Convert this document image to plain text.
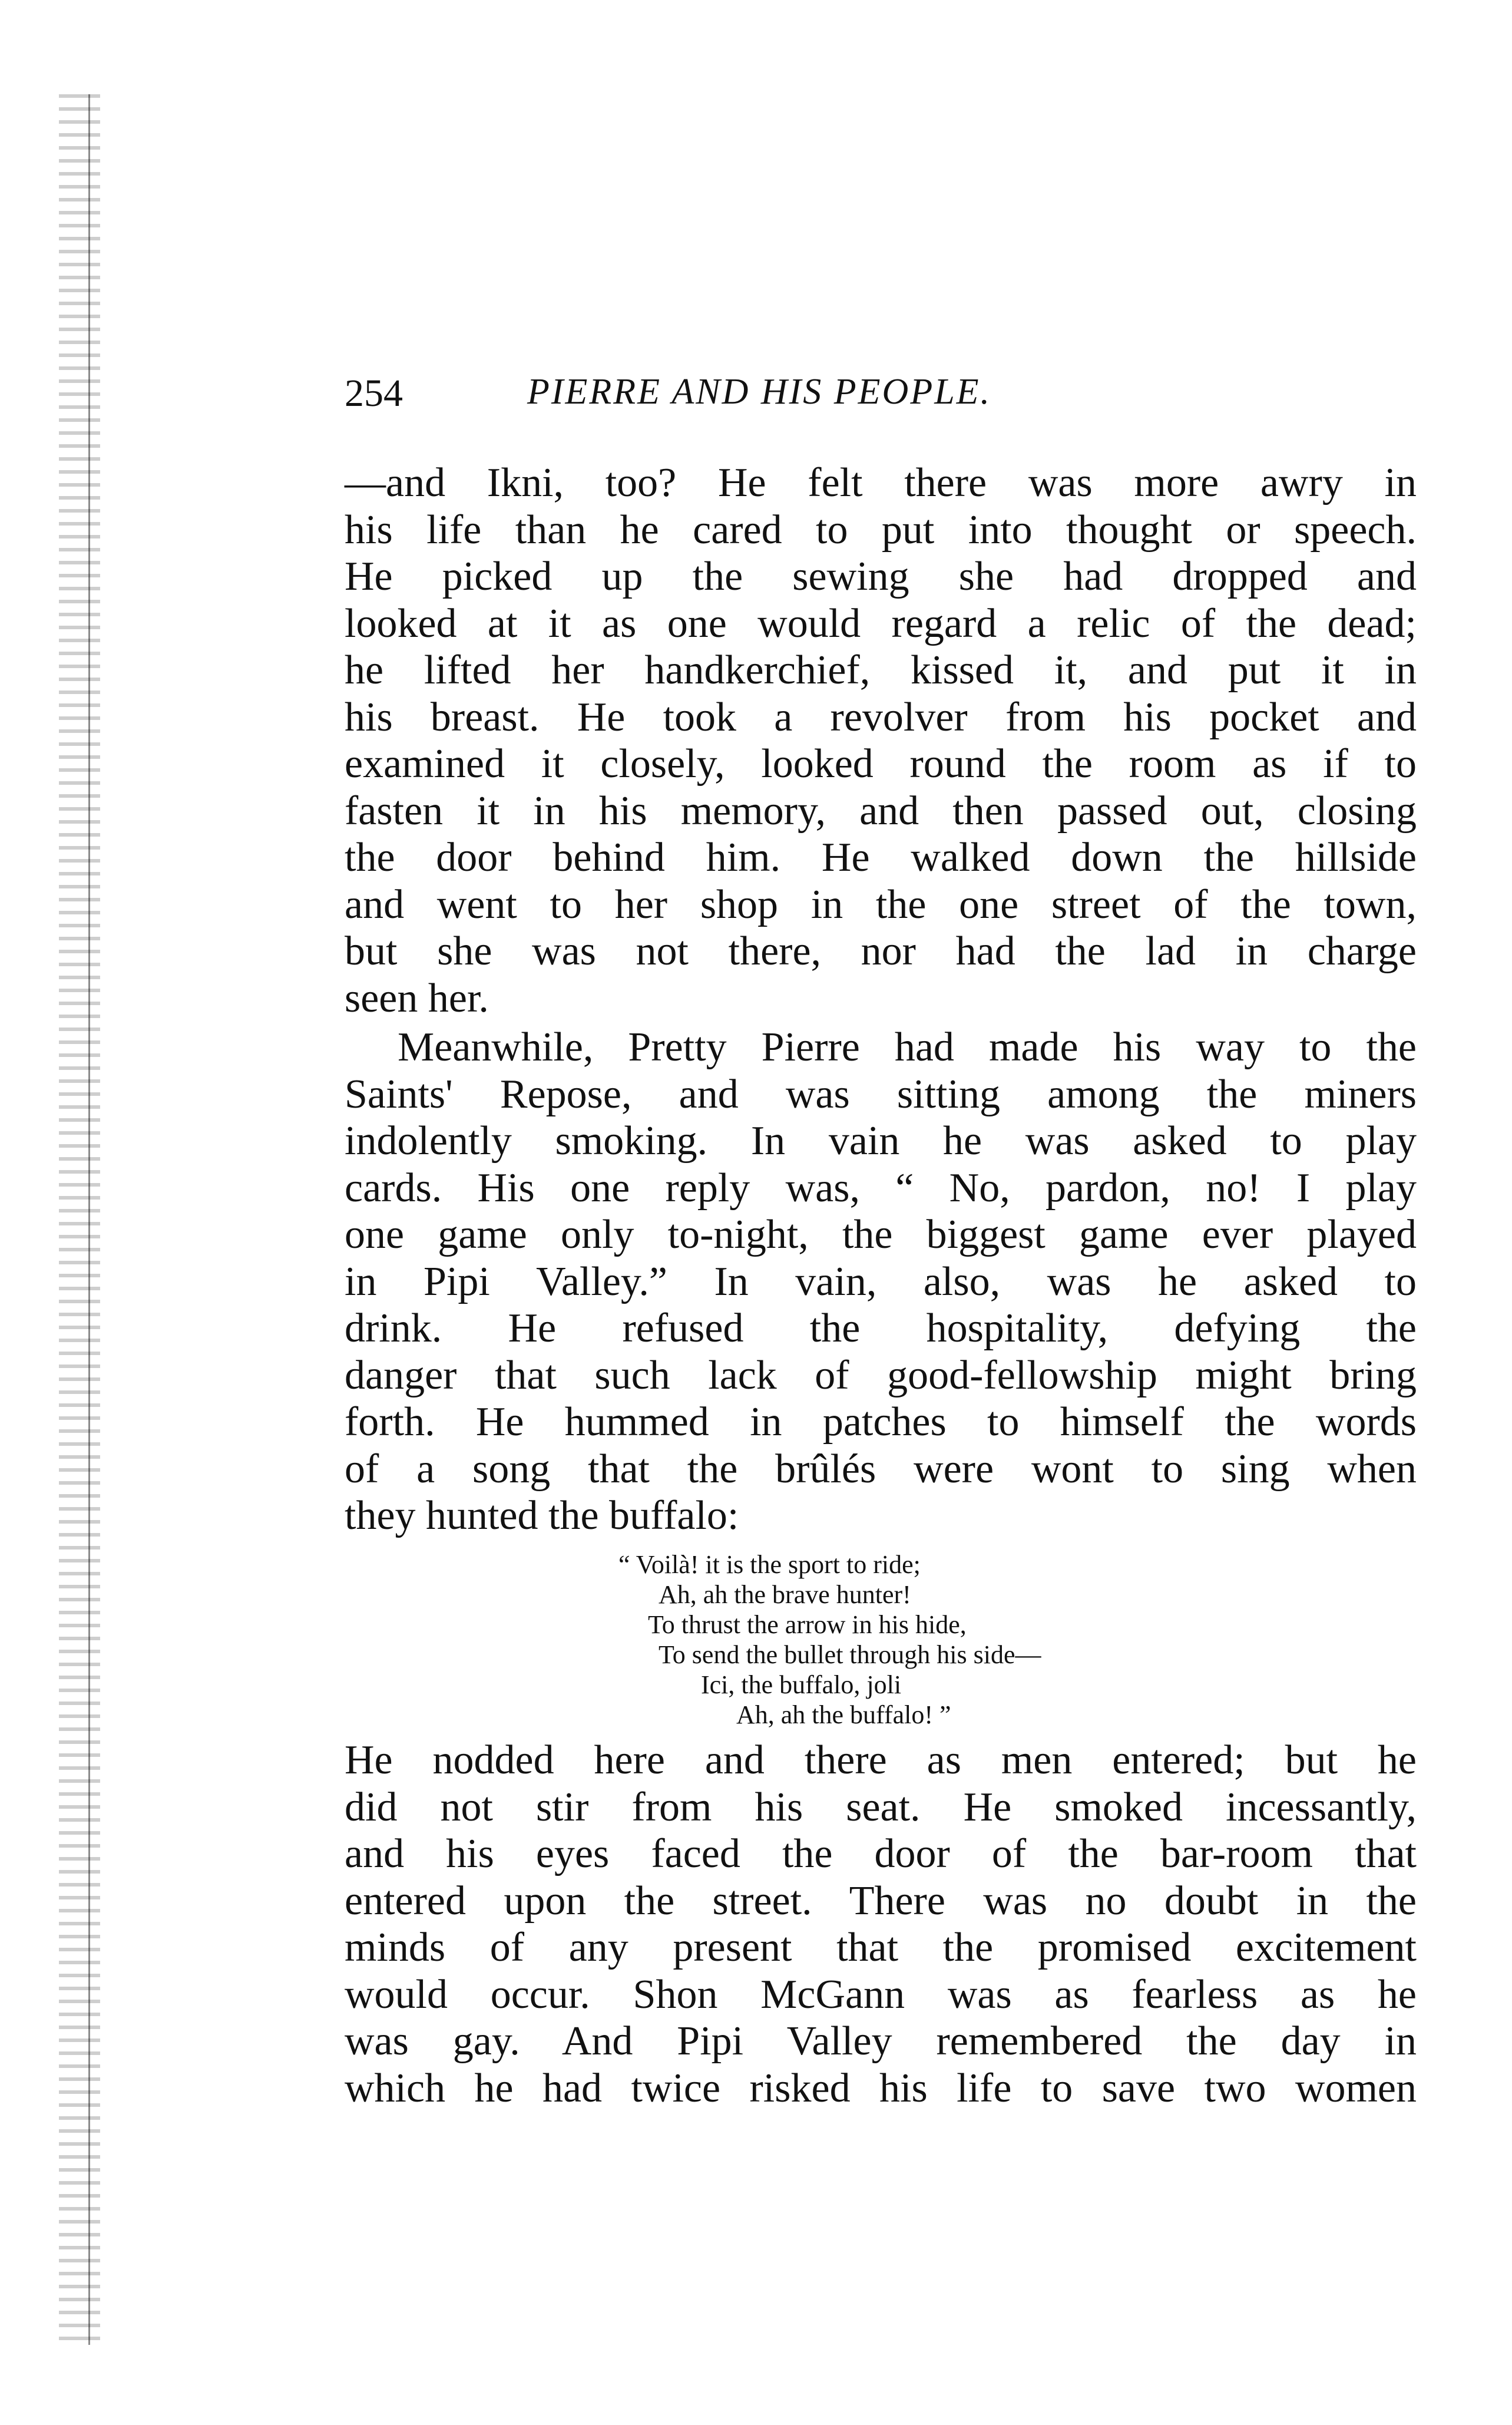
254	PIERRE AND HIS PEOPLE.
—and Ikni, too? He felt there was more awry in
his life than he cared to put into thought or speech.
He picked up the sewing she had dropped and
looked at it as one would regard a relic of the dead;
he lifted her handkerchief, kissed it, and put it in
his breast. He took a revolver from his pocket and
examined it closely, looked round the room as if to
fasten it in his memory, and then passed out, closing
the door behind him. He walked down the hillside
and went to her shop in the one street of the town,
but she was not there, nor had the lad in charge
seen her.
Meanwhile, Pretty Pierre had made his way to the
Saints' Repose, and was sitting among the miners
indolently smoking. In vain he was asked to play
cards. His one reply was, “ No, pardon, no! I play
one game only to-night, the biggest game ever played
in Pipi Valley.” In vain, also, was he asked to
drink. He refused the hospitality, defying the
danger that such lack of good-fellowship might bring
forth. He hummed in patches to himself the words
of a song that the brûlés were wont to sing when
they hunted the buffalo:
“ Voilà! it is the sport to ride;
Ah, ah the brave hunter!
To thrust the arrow in his hide,
To send the bullet through his side—
Ici, the buffalo, joli
Ah, ah the buffalo! ”
He nodded here and there as men entered; but he
did not stir from his seat. He smoked incessantly,
and his eyes faced the door of the bar-room that
entered upon the street. There was no doubt in the
minds of any present that the promised excitement
would occur. Shon McGann was as fearless as he
was gay. And Pipi Valley remembered the day in
which he had twice risked his life to save two women
